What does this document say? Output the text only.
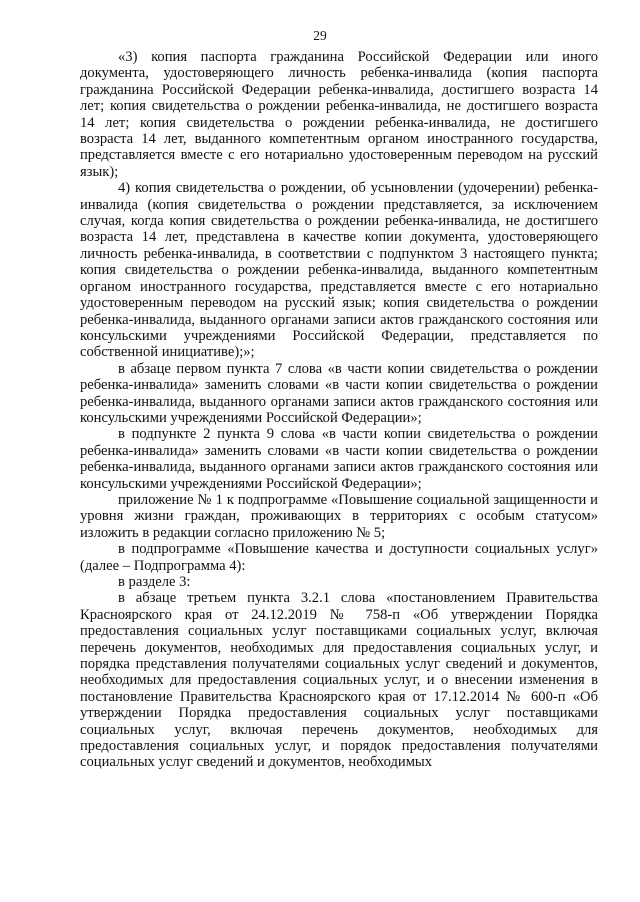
29

«3) копия паспорта гражданина Российской Федерации или иного документа, удостоверяющего личность ребенка-инвалида (копия паспорта гражданина Российской Федерации ребенка-инвалида, достигшего возраста 14 лет; копия свидетельства о рождении ребенка-инвалида, не достигшего возраста 14 лет; копия свидетельства о рождении ребенка-инвалида, не достигшего возраста 14 лет, выданного компетентным органом иностранного государства, представляется вместе с его нотариально удостоверенным переводом на русский язык);

4) копия свидетельства о рождении, об усыновлении (удочерении) ребенка-инвалида (копия свидетельства о рождении представляется, за исключением случая, когда копия свидетельства о рождении ребенка-инвалида, не достигшего возраста 14 лет, представлена в качестве копии документа, удостоверяющего личность ребенка-инвалида, в соответствии с подпунктом 3 настоящего пункта; копия свидетельства о рождении ребенка-инвалида, выданного компетентным органом иностранного государства, представляется вместе с его нотариально удостоверенным переводом на русский язык; копия свидетельства о рождении ребенка-инвалида, выданного органами записи актов гражданского состояния или консульскими учреждениями Российской Федерации, представляется по собственной инициативе);»;

в абзаце первом пункта 7 слова «в части копии свидетельства о рождении ребенка-инвалида» заменить словами «в части копии свидетельства о рождении ребенка-инвалида, выданного органами записи актов гражданского состояния или консульскими учреждениями Российской Федерации»;

в подпункте 2 пункта 9 слова «в части копии свидетельства о рождении ребенка-инвалида» заменить словами «в части копии свидетельства о рождении ребенка-инвалида, выданного органами записи актов гражданского состояния или консульскими учреждениями Российской Федерации»;

приложение № 1 к подпрограмме «Повышение социальной защищенности и уровня жизни граждан, проживающих в территориях с особым статусом» изложить в редакции согласно приложению № 5;

в подпрограмме «Повышение качества и доступности социальных услуг» (далее – Подпрограмма 4):

в разделе 3:

в абзаце третьем пункта 3.2.1 слова «постановлением Правительства Красноярского края от 24.12.2019 № 758-п «Об утверждении Порядка предоставления социальных услуг поставщиками социальных услуг, включая перечень документов, необходимых для предоставления социальных услуг, и порядка представления получателями социальных услуг сведений и документов, необходимых для предоставления социальных услуг, и о внесении изменения в постановление Правительства Красноярского края от 17.12.2014 № 600-п «Об утверждении Порядка предоставления социальных услуг поставщиками социальных услуг, включая перечень документов, необходимых для предоставления социальных услуг, и порядок предоставления получателями социальных услуг сведений и документов, необходимых
